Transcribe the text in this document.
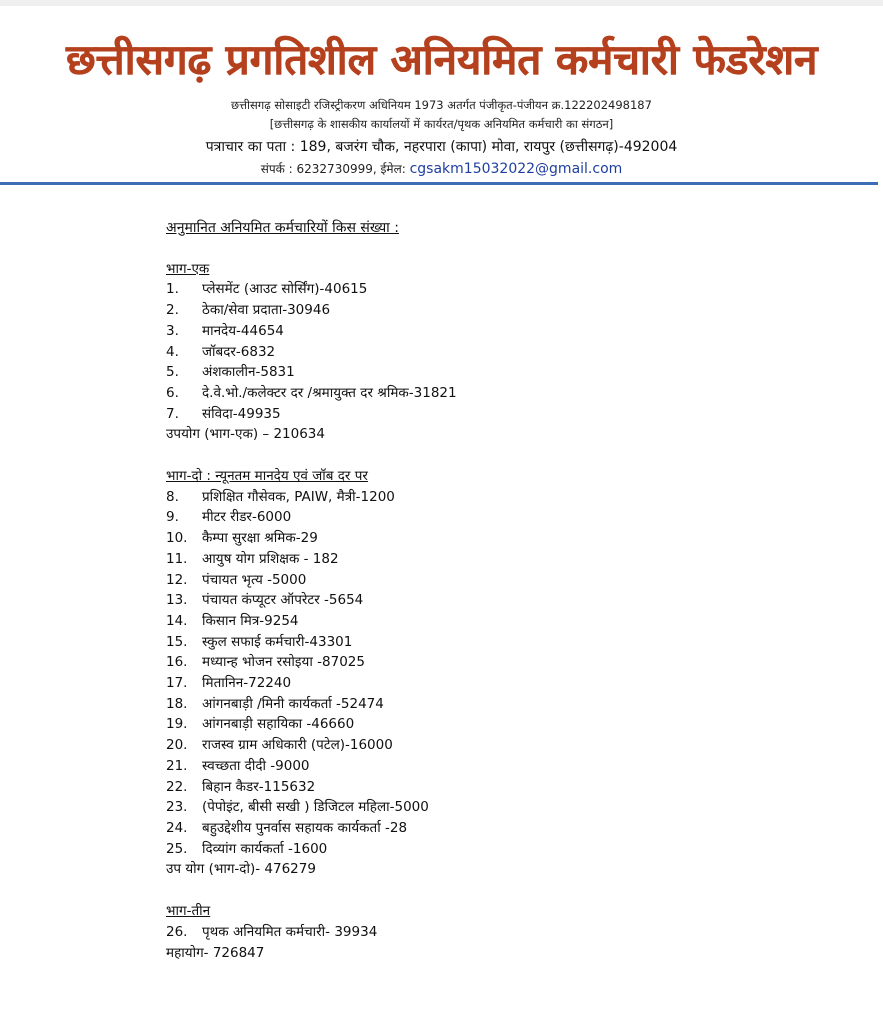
छत्तीसगढ़ प्रगतिशील अनियमित कर्मचारी फेडरेशन
छत्तीसगढ़ सोसाइटी रजिस्ट्रीकरण अधिनियम 1973 अतर्गत पंजीकृत-पंजीयन क्र.122202498187
[छत्तीसगढ़ के शासकीय कार्यालयों में कार्यरत/पृथक अनियमित कर्मचारी का संगठन]
पत्राचार का पता : 189, बजरंग चौक, नहरपारा (कापा) मोवा, रायपुर (छत्तीसगढ़)-492004
संपर्क : 6232730999, ईमेल: cgsakm15032022@gmail.com
अनुमानित अनियमित कर्मचारियों किस संख्या :
भाग-एक
1.	प्लेसमेंट (आउट सोर्सिंग)-40615
2.	ठेका/सेवा प्रदाता-30946
3.	मानदेय-44654
4.	जॉबदर-6832
5.	अंशकालीन-5831
6.	दे.वे.भो./कलेक्टर दर /श्रमायुक्त दर श्रमिक-31821
7.	संविदा-49935
उपयोग (भाग-एक) – 210634
भाग-दो : न्यूनतम मानदेय एवं जॉब दर पर
8.	प्रशिक्षित गौसेवक, PAIW, मैत्री-1200
9.	मीटर रीडर-6000
10.	कैम्पा सुरक्षा श्रमिक-29
11.	आयुष योग प्रशिक्षक - 182
12.	पंचायत भृत्य -5000
13.	पंचायत कंप्यूटर ऑपरेटर -5654
14.	किसान मित्र-9254
15.	स्कुल सफाई कर्मचारी-43301
16.	मध्यान्ह भोजन रसोइया -87025
17.	मितानिन-72240
18.	आंगनबाड़ी /मिनी कार्यकर्ता -52474
19.	आंगनबाड़ी सहायिका -46660
20.	राजस्व ग्राम अधिकारी (पटेल)-16000
21.	स्वच्छता दीदी -9000
22.	बिहान कैडर-115632
23.	(पेपोइंट, बीसी सखी ) डिजिटल महिला-5000
24.	बहुउद्देशीय पुनर्वास सहायक कार्यकर्ता -28
25.	दिव्यांग कार्यकर्ता -1600
उप योग (भाग-दो)- 476279
भाग-तीन
26.	पृथक अनियमित कर्मचारी- 39934
महायोग- 726847
